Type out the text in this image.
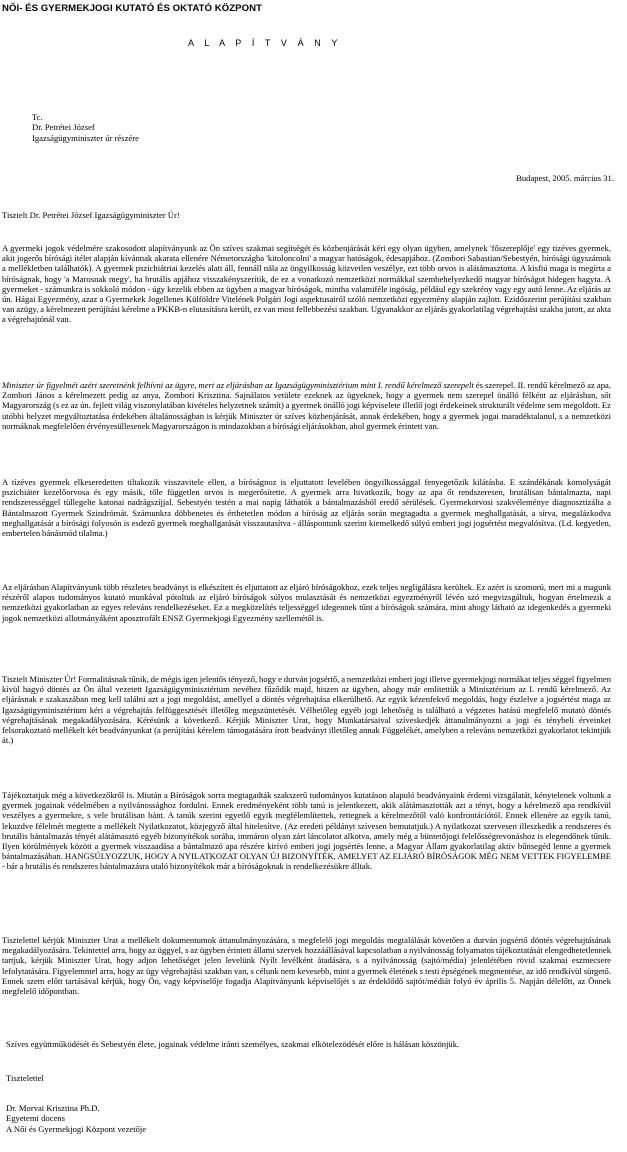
NŐI- ÉS GYERMEKJOGI KUTATÓ ÉS OKTATÓ KÖZPONT
A L A P Í T V Á N Y
Tc.
Dr. Petrétei József
Igazságügyminiszter úr részére
Budapest, 2005. március 31.
Tisztelt Dr. Petrétei József Igazságügyminiszter Úr!
A gyermeki jogok védelmére szakosodott alapítványunk az Ön szíves szakmai segítségét és közbenjárását kéri egy olyan ügyben, amelynek 'főszereplője' egy tizéves gyermek, akit jogerős bírósági ítélet alapján kívánnak akarata ellenére Németországba 'kitoloncolni' a magyar hatóságok, édesapjához. (Zombori Sabastian/Sebestyén, bírósági ügyszámok a mellékletben találhatók). A gyermek pszichiátriai kezelés alatt áll, fennáll nála az öngyilkosság közvetlen veszélye, ezt több orvos is alátámasztotta. A kisfiú maga is megírta a bíróságnak, hogy 'a Marosnak megy', ha brutális apjához visszakényszerítik, de ez a vonatkozó nemzetközi normákkal szembehelyezkedő magyar bíróságot hidegen hagyta. A gyermeket - számunkra is sokkoló módon - úgy kezelik ebben az ügyben a magyar bíróságok, mintha valamiféle ingóság, például egy szekrény vagy egy autó lenne. Az eljárás az ún. Hágai Egyezmény, azaz a Gyermekek Jogellenes Külföldre Vitelének Polgári Jogi aspektusairól szóló nemzetközi egyezmény alapján zajlott. Ezidőszerint perújítási szakban van azügy, a kérelmezett perújítási kérelme a PKKB-n elutasításra került, ez van most fellebbezési szakban. Ugyanakkor az eljárás gyakorlatilag végrehajtási szakba jutott, az akta a végrehajtónál van.
Miniszter úr figyelmét azért szeretnénk felhívni az ügyre, mert az eljárásban az Igazságügyminisztérium mint I. rendű kérelmező szerepelt és szerepel. II. rendű kérelmező az apa, Zombori János a kérelmezett pedig az anya, Zombori Krisztina. Sajnálatos vetülete ezeknek az ügyeknek, hogy a gyermek nem szerepel önálló félként az eljárásban, sőt Magyarország (s ez az ún. fejlett világ viszonylatában kivételes helyzetnek számít) a gyermek önálló jogi képviselete illetlő jogi érdekeinek strukturált védelme sem megoldott. Ez utóbbi helyzet megváltoztatása érdekében általánosságban is kérjük Miniszter úr szíves közbenjárását, annak érdekében, hogy a gyermek jogai maradéktalanul, s a nemzetközi normáknak megfelelően érvényesüllesenek Magyarországon is mindazokban a bírósági eljárásokban, ahol gyermek érintett van.
A tízéves gyermek elkeseredetten tiltakozik visszavitele ellen, a bíróságnoz is eljuttatott levelében öngyilkossággal fenyegetőzik kilátásba. E szándékának komolyságát pszichiáter kezelőorvosa és egy másik, tőle független orvos is megerősítette. A gyermek arra hivatkozik, hogy az apa őt rendszeresen, brutálisan bántalmazta, napi rendszerességgel tüllegelte katonai nadrágszíjjal. Sebestyén testén a mai napig láthatók a bántalmazásból eredő sérülések. Gyermekorvosi szakvéleménye diagnosztizálta a Bántalmazott Gyermek Szindrómát. Számunkra döbbenetes és érthetetlen módon a bíróság az eljárás során megtagadta a gyermek meghallgatását, a sírva, megalázkodva meghallgatását a bírósági folyosón is esdező gyermek meghallgatását visszautasítva - álláspontunk szerint kiemelkedő súlyú emberi jogi jogsértést megvalósítva. (Ld. kegyetlen, embertelen bánásmód tilalma.)
Az eljárásban Alapítványunk több részletes beadványt is elkészített és eljuttatott az eljáró bíróságokhoz, ezek teljes negligálásra kerültek. Ez azért is szomorú, mert mi a magunk részéről alapos tudományos kutató munkával pótoltuk az eljáró bíróságok súlyos mulasztását és nemzetközi egyezményről lévén szó megvizsgáltuk, hogyan értelmezik a nemzetközi gyakorlatban az egyes releváns rendelkezéseket. Ez a megközelítés teljességgel idegennek tűnt a bíróságok számára, mint ahogy látható az idegenkedés a gyermeki jogok nemzetközi allotmányáként aposztrofált ENSZ Gyermekjogi Egyezmény szellemétől is.
Tisztelt Miniszter Úr! Formalitásnak tűnik, de mégis igen jelentős tényező, hogy e durván jogsértő, a nemzetközi emberi jogi illetve gyermekjogi normákat teljes séggel figyelmen kívül hagyó döntés az Ön által vezetett Igazságügyminisztérium nevéhez fűződik majd, hiszen az ügyben, ahogy már említettük a Minisztérium az I. rendű kérelmező. Az eljárásnak e szakaszában meg kell találni azt a jogi megoldást, amellyel a döntés végrehajtása elkerülhető. Az egyik kézenfekvő megoldás, hogy észlelve a jogsértést maga az Igazságügyminisztérium kéri a végrehajtás felfüggesztését illetőleg megszüntetését. Vélhetőleg egyéb jogi lehetőség is található a végzetes hatású megfelelő mutató döntés végrehajtásának megakadályozására. Kérésünk a következő. Kérjük Miniszter Urat, hogy Munkatársaival szíveskedjék áttanulmányozni a jogi és ténybeli érveinket felsorakoztató mellékelt két beadványunkat (a perújítási kérelem támogatására írott beadványt illetőleg annak Függelékét, amelyben a releváns nemzetközi gyakorlatot tekintjük át.)
Tájékoztatjuk még a következőkről is. Miután a Bíróságok sorra megtagadták szakszerű tudományos kutatáson alapuló beadványaink érdemi vizsgálatát, kénytelenek voltunk a gyermek jogainak védelmében a nyilvánossághoz fordulni. Ennek eredményeként több tanú is jelentkezett, akik alátámasztották azt a tényt, hogy a kérelmező apa rendkívül veszélyes a gyermekre, s vele brutálisan bánt. A tanúk szerint egyetlő egyik megfélemlítettek, rettegnek a kérelmezőtől való konfrontációtól. Ennek ellenére az egyik tanú, lekuzdve félelmét megtette a mellékelt Nyilatkozatot, közjegyző által hitelesítve. (Az eredeti példányt szívesen bemutatjuk.) A nyilatkozat szervesen illeszkedik a rendszeres és brutális bántalmazás tényét alátámasztó egyéb bizonyítékok sorába, immáron olyan zárt láncolatot alkotva, amely még a büntetőjogi felelősségrevonáshoz is elegendőnek tűnik. Ilyen körülmények között a gyermek visszaadása a bántalmazó apa részére kirívó emberi jogi jogsértés lenne, a Magyar Állam gyakorlatilag aktív bűnsegéd lenne a gyermek bántalmazásában. HANGSÚLYOZZUK, HOGY A NYILATKOZAT OLYAN ÚJ BIZONYÍTÉK, AMELYET AZ ELJÁRÓ BÍRÓSÁGOK MÉG NEM VETTEK FIGYELEMBE - bár a brutális és rendszeres bántalmazásra utaló bizonyítékok már a bíróságoknak is rendelkezésükre álltak.
Tisztelettel kérjük Miniszter Urat a mellékelt dokumentumok áttanulmányozására, s megfelelő jogi megoldás megtalálását követően a durván jogsértő döntés végrehajtásának megakadályozására. Tekintettel arra, hogy az üggyel, s az ügyben érintett állami szervek hozzáállásával kapcsolatban a nyilvánosság folyamatos tájékoztatását elengedhetetlennek tartjuk, kérjük Miniszter Urat, hogy adjon lehetőséget jelen levelünk Nyílt levélként átadására, s a nyilvánosság (sajtó/média) jelenlétében rövid szakmai eszmecsere lefolytatására. Figyelemmel arra, hogy az ügy végrehajtási szakban van, s célunk nem kevesebb, mint a gyermek életének s testi épségének megmentése, az idő rendkívül sürgető. Ennek szem előtt tartásával kérjük, hogy Ön, vagy képviselője fogadja Alapítványunk képviselőjét s az érdeklődő sajtót/médiát folyó év április 5. Napján délelőtt, az Önnek megfelelő időpontban.
Szíves együttműködését és Sebestyén élete, jogainak védelme iránti személyes, szakmai elkötelezödését előre is hálásan köszönjük.
Tisztelettel
Dr. Morvai Krisztina Ph.D.
Egyetemi docens
A Női és Gyermekjogi Központ vezetője
